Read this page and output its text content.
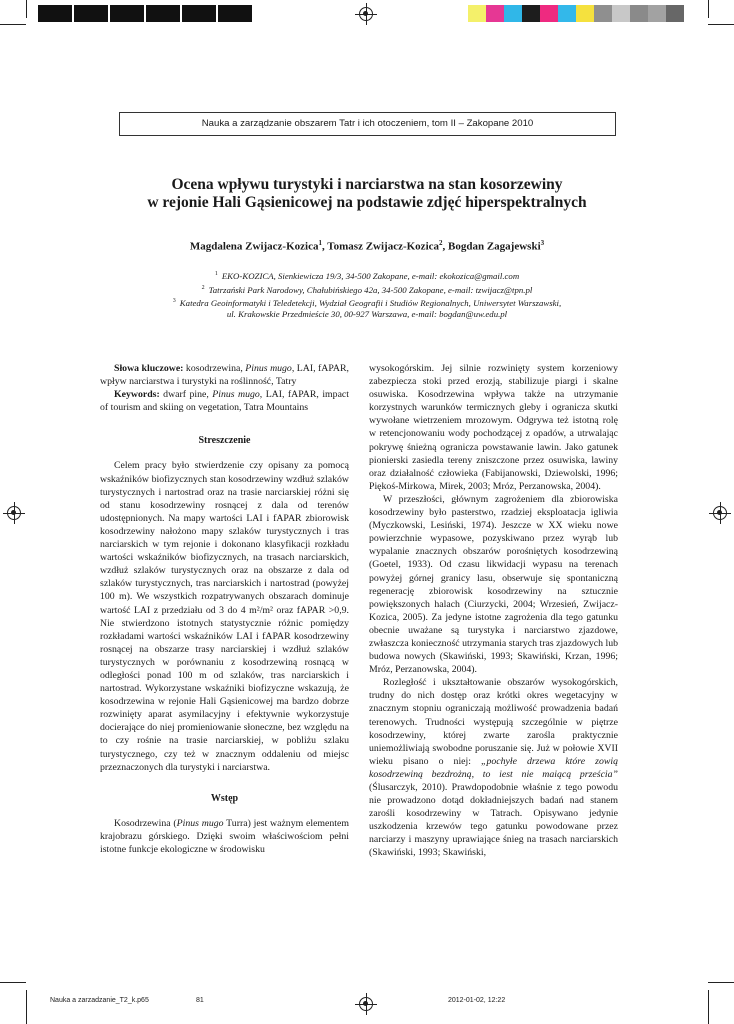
Nauka a zarządzanie obszarem Tatr i ich otoczeniem, tom II – Zakopane 2010
Ocena wpływu turystyki i narciarstwa na stan kosorzewiny
w rejonie Hali Gąsienicowej na podstawie zdjęć hiperspektralnych
Magdalena Zwijacz-Kozica$^1$, Tomasz Zwijacz-Kozica$^2$, Bogdan Zagajewski$^3$
$^1$ EKO-KOZICA, Sienkiewicza 19/3, 34-500 Zakopane, e-mail: ekokozica@gmail.com
$^2$ Tatrzański Park Narodowy, Chałubińskiego 42a, 34-500 Zakopane, e-mail: tzwijacz@tpn.pl
$^3$ Katedra Geoinformatyki i Teledetekcji, Wydział Geografii i Studiów Regionalnych, Uniwersytet Warszawski,
ul. Krakowskie Przedmieście 30, 00-927 Warszawa, e-mail: bogdan@uw.edu.pl

Słowa kluczowe: kosodrzewina, Pinus mugo, LAI, fAPAR, wpływ narciarstwa i turystyki na roślinność, Tatry

Keywords: dwarf pine, Pinus mugo, LAI, fAPAR, impact of tourism and skiing on vegetation, Tatra Mountains

Streszczenie

Celem pracy było stwierdzenie czy opisany za pomocą wskaźników biofizycznych stan kosodrzewiny wzdłuż szlaków turystycznych i nartostrad oraz na trasie narciarskiej różni się od stanu kosodrzewiny rosnącej z dala od terenów udostępnionych. Na mapy wartości LAI i fAPAR zbiorowisk kosodrzewiny nałożono mapy szlaków turystycznych i tras narciarskich w tym rejonie i dokonano klasyfikacji rozkładu wartości wskaźników biofizycznych, na trasach narciarskich, wzdłuż szlaków turystycznych oraz na obszarze z dala od szlaków turystycznych, tras narciarskich i nartostrad (powyżej 100 m). We wszystkich rozpatrywanych obszarach dominuje wartość LAI z przedziału od 3 do 4 m²/m² oraz fAPAR >0,9. Nie stwierdzono istotnych statystycznie różnic pomiędzy rozkładami wartości wskaźników LAI i fAPAR kosodrzewiny rosnącej na obszarze trasy narciarskiej i wzdłuż szlaków turystycznych w porównaniu z kosodrzewiną rosnącą w odległości ponad 100 m od szlaków, tras narciarskich i nartostrad. Wykorzystane wskaźniki biofizyczne wskazują, że kosodrzewina w rejonie Hali Gąsienicowej ma bardzo dobrze rozwinięty aparat asymilacyjny i efektywnie wykorzystuje docierające do niej promieniowanie słoneczne, bez względu na to czy rośnie na trasie narciarskiej, w pobliżu szlaku turystycznego, czy też w znacznym oddaleniu od miejsc przeznaczonych dla turystyki i narciarstwa.

Wstęp

Kosodrzewina (Pinus mugo Turra) jest ważnym elementem krajobrazu górskiego. Dzięki swoim właściwościom pełni istotne funkcje ekologiczne w środowisku

wysokogórskim. Jej silnie rozwinięty system korzeniowy zabezpiecza stoki przed erozją, stabilizuje piargi i skalne osuwiska. Kosodrzewina wpływa także na utrzymanie korzystnych warunków termicznych gleby i ogranicza skutki wywołane wietrzeniem mrozowym. Odgrywa też istotną rolę w retencjonowaniu wody pochodzącej z opadów, a utrwalając pokrywę śnieżną ogranicza powstawanie lawin. Jako gatunek pionierski zasiedla tereny zniszczone przez osuwiska, lawiny oraz działalność człowieka (Fabijanowski, Dziewolski, 1996; Piękoś-Mirkowa, Mirek, 2003; Mróz, Perzanowska, 2004).

W przeszłości, głównym zagrożeniem dla zbiorowiska kosodrzewiny było pasterstwo, rzadziej eksploatacja igliwia (Myczkowski, Lesiński, 1974). Jeszcze w XX wieku nowe powierzchnie wypasowe, pozyskiwano przez wyrąb lub wypalanie znacznych obszarów porośniętych kosodrzewiną (Goetel, 1933). Od czasu likwidacji wypasu na terenach powyżej górnej granicy lasu, obserwuje się spontaniczną regenerację zbiorowisk kosodrzewiny na sztucznie powiększonych halach (Ciurzycki, 2004; Wrzesień, Zwijacz-Kozica, 2005). Za jedyne istotne zagrożenia dla tego gatunku obecnie uważane są turystyka i narciarstwo zjazdowe, zwłaszcza konieczność utrzymania starych tras zjazdowych lub budowa nowych (Skawiński, 1993; Skawiński, Krzan, 1996; Mróz, Perzanowska, 2004).

Rozległość i ukształtowanie obszarów wysokogórskich, trudny do nich dostęp oraz krótki okres wegetacyjny w znacznym stopniu ograniczają możliwość prowadzenia badań terenowych. Trudności występują szczególnie w piętrze kosodrzewiny, której zwarte zarośla praktycznie uniemożliwiają swobodne poruszanie się. Już w połowie XVII wieku pisano o niej: „pochyłe drzewa które zowią kosodrzewiną bezdrożną, to iest nie maiącą prześcia” (Ślusarczyk, 2010). Prawdopodobnie właśnie z tego powodu nie prowadzono dotąd dokładniejszych badań nad stanem zarośli kosodrzewiny w Tatrach. Opisywano jedynie uszkodzenia krzewów tego gatunku powodowane przez narciarzy i maszyny uprawiające śnieg na trasach narciarskich (Skawiński, 1993; Skawiński,

Nauka a zarzadzanie_T2_k.p65	81	2012-01-02, 12:22
